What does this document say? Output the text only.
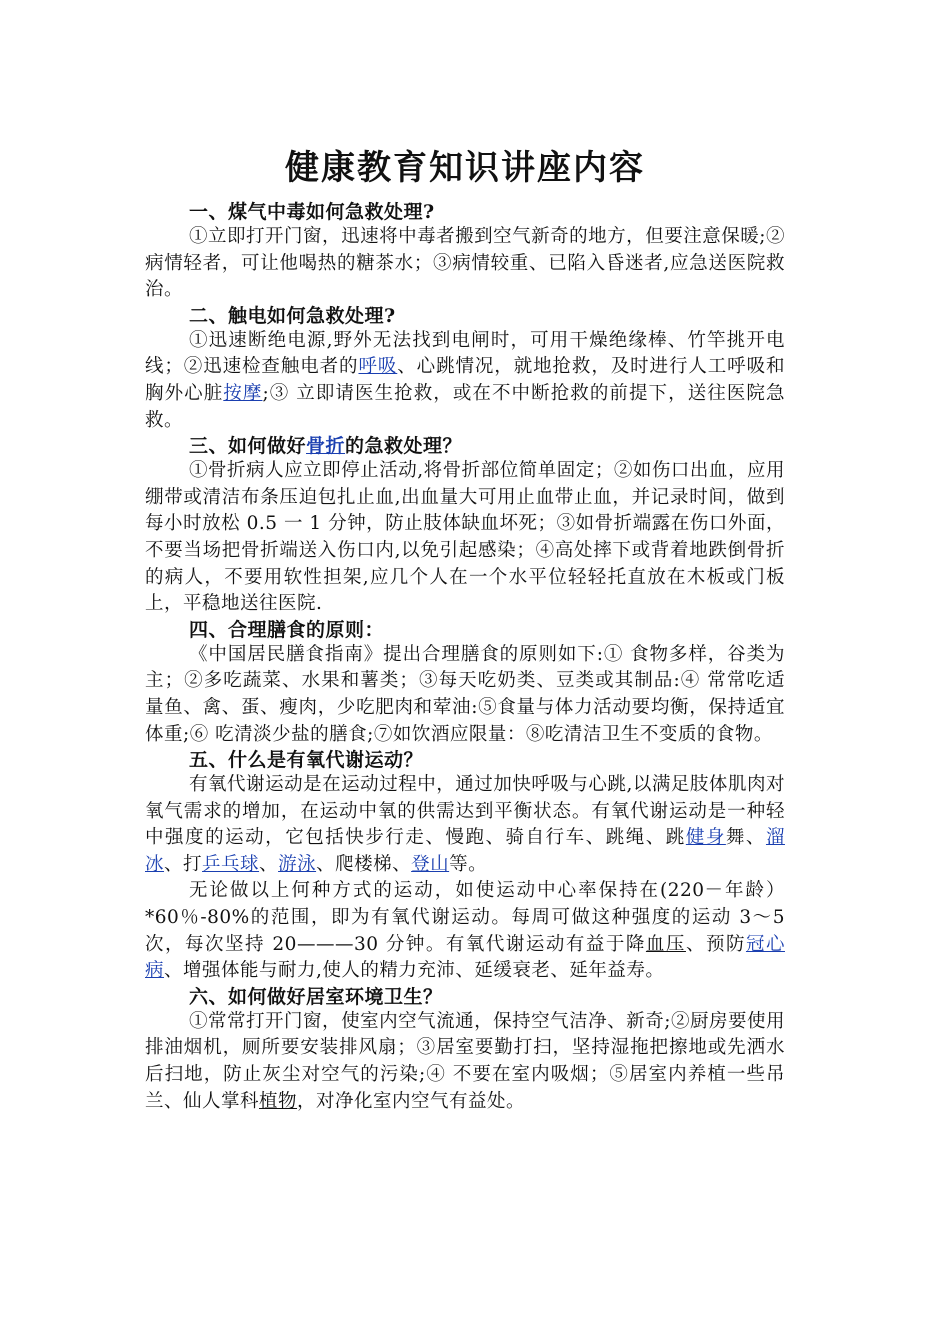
健康教育知识讲座内容
一、煤气中毒如何急救处理?

①立即打开门窗，迅速将中毒者搬到空气新奇的地方，但要注意保暖;② 病情轻者，可让他喝热的糖茶水；③病情较重、已陷入昏迷者,应急送医院救治。

二、触电如何急救处理?

①迅速断绝电源,野外无法找到电闸时，可用干燥绝缘棒、竹竿挑开电线；②迅速检查触电者的呼吸、心跳情况，就地抢救，及时进行人工呼吸和胸外心脏按摩;③ 立即请医生抢救，或在不中断抢救的前提下，送往医院急救。

三、如何做好骨折的急救处理？

①骨折病人应立即停止活动,将骨折部位简单固定；②如伤口出血，应用绷带或清洁布条压迫包扎止血,出血量大可用止血带止血，并记录时间，做到每小时放松 0.5 一 1 分钟，防止肢体缺血坏死；③如骨折端露在伤口外面，不要当场把骨折端送入伤口内,以免引起感染；④高处摔下或背着地跌倒骨折的病人，不要用软性担架,应几个人在一个水平位轻轻托直放在木板或门板上，平稳地送往医院.

四、合理膳食的原则：

《中国居民膳食指南》提出合理膳食的原则如下:① 食物多样，谷类为主；②多吃蔬菜、水果和薯类；③每天吃奶类、豆类或其制品:④ 常常吃适量鱼、禽、蛋、瘦肉，少吃肥肉和荤油:⑤食量与体力活动要均衡，保持适宜体重;⑥ 吃清淡少盐的膳食;⑦如饮酒应限量：⑧吃清洁卫生不变质的食物。

五、什么是有氧代谢运动？

有氧代谢运动是在运动过程中，通过加快呼吸与心跳,以满足肢体肌肉对氧气需求的增加，在运动中氧的供需达到平衡状态。有氧代谢运动是一种轻中强度的运动，它包括快步行走、慢跑、骑自行车、跳绳、跳健身舞、溜冰、打乒乓球、游泳、爬楼梯、登山等。

无论做以上何种方式的运动，如使运动中心率保持在(220－年龄）*60％-80%的范围，即为有氧代谢运动。每周可做这种强度的运动 3～5 次，每次坚持 20———30 分钟。有氧代谢运动有益于降血压、预防冠心病、增强体能与耐力,使人的精力充沛、延缓衰老、延年益寿。

六、如何做好居室环境卫生？

①常常打开门窗，使室内空气流通，保持空气洁净、新奇;②厨房要使用排油烟机，厕所要安装排风扇；③居室要勤打扫，坚持湿拖把擦地或先洒水后扫地，防止灰尘对空气的污染;④ 不要在室内吸烟；⑤居室内养植一些吊兰、仙人掌科植物，对净化室内空气有益处。
